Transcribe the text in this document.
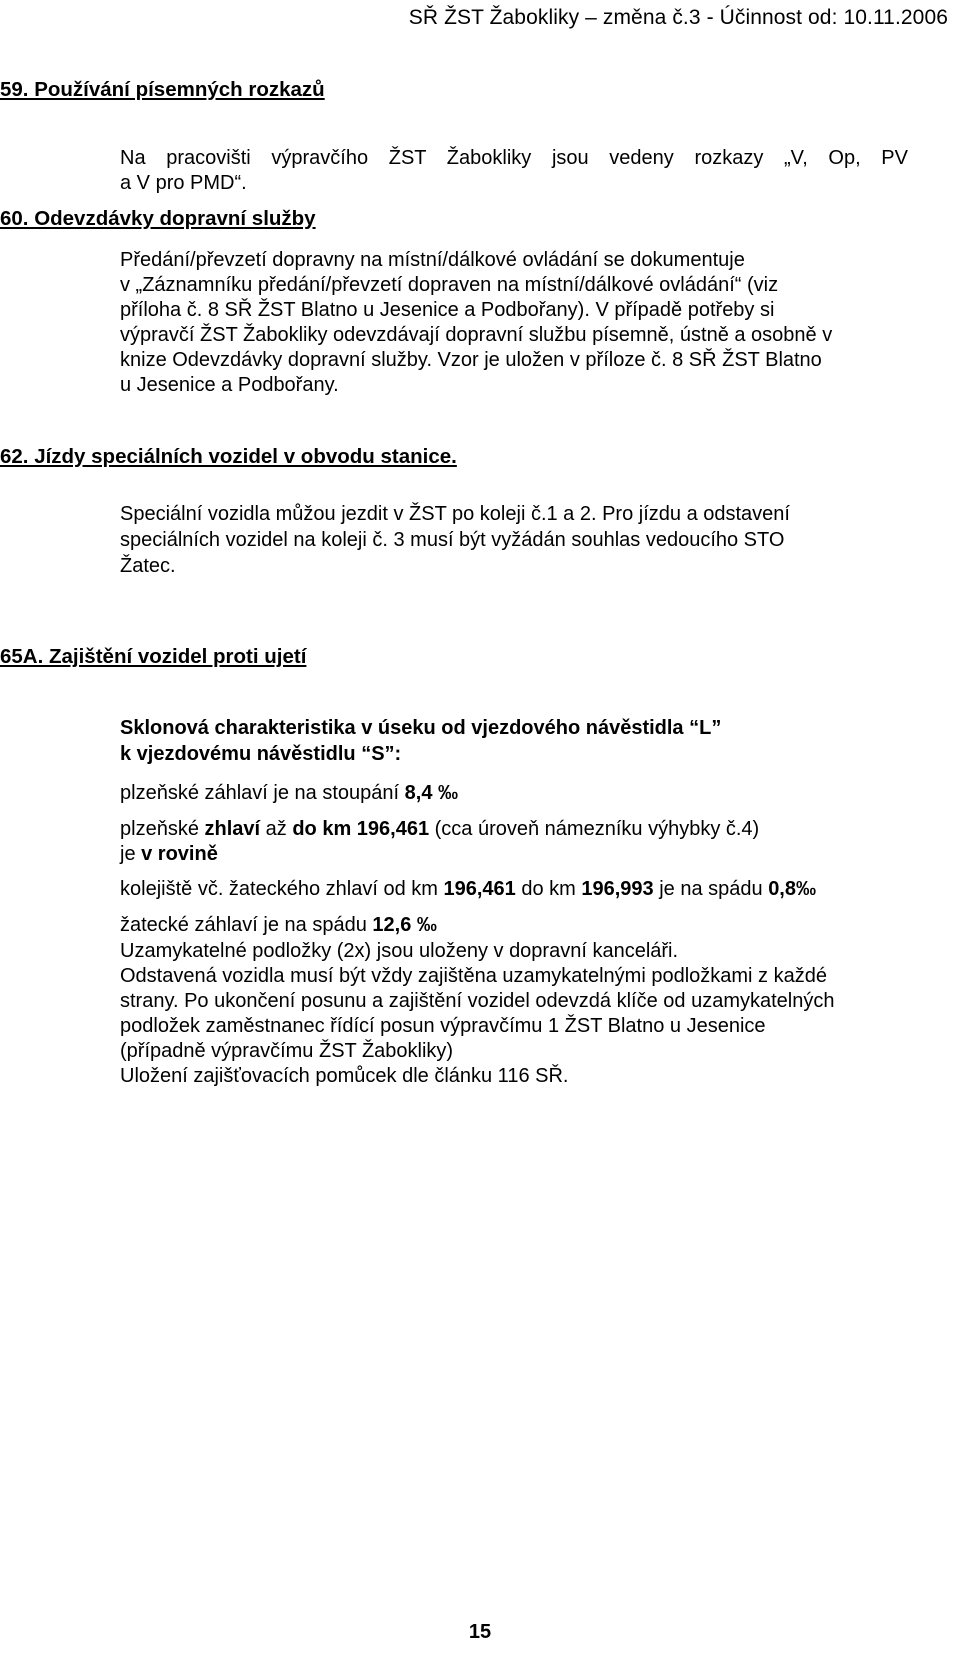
SŘ ŽST Žabokliky – změna č.3 - Účinnost od: 10.11.2006
59. Používání písemných rozkazů
Na pracovišti výpravčího ŽST Žabokliky jsou vedeny rozkazy „V, Op, PV
a V pro PMD“.
60. Odevzdávky dopravní služby
Předání/převzetí dopravny na místní/dálkové ovládání se dokumentuje
v „Záznamníku předání/převzetí dopraven na místní/dálkové ovládání“ (viz
příloha č. 8 SŘ ŽST Blatno u Jesenice a Podbořany). V případě potřeby si
výpravčí ŽST Žabokliky odevzdávají dopravní službu písemně, ústně a osobně v
knize Odevzdávky dopravní služby. Vzor je uložen v příloze č. 8 SŘ ŽST Blatno
u Jesenice a Podbořany.
62. Jízdy speciálních vozidel v obvodu stanice.
Speciální vozidla můžou jezdit v ŽST po koleji č.1 a 2. Pro jízdu a odstavení
speciálních vozidel na koleji č. 3 musí být vyžádán souhlas vedoucího STO
Žatec.
65A. Zajištění vozidel proti ujetí
Sklonová charakteristika v úseku od vjezdového návěstidla “L”
k vjezdovému návěstidlu “S”:
plzeňské záhlaví je na stoupání 8,4 ‰
plzeňské zhlaví až do km 196,461 (cca úroveň námezníku výhybky č.4)
je v rovině
kolejiště vč. žateckého zhlaví od km 196,461 do km 196,993 je na spádu 0,8‰
žatecké záhlaví je na spádu 12,6 ‰
Uzamykatelné podložky (2x) jsou uloženy v dopravní kanceláři.
Odstavená vozidla musí být vždy zajištěna uzamykatelnými podložkami z každé
strany. Po ukončení posunu a zajištění vozidel odevzdá klíče od uzamykatelných
podložek zaměstnanec řídící posun výpravčímu 1 ŽST Blatno u Jesenice
(případně výpravčímu ŽST Žabokliky)
Uložení zajišťovacích pomůcek dle článku 116 SŘ.
15
